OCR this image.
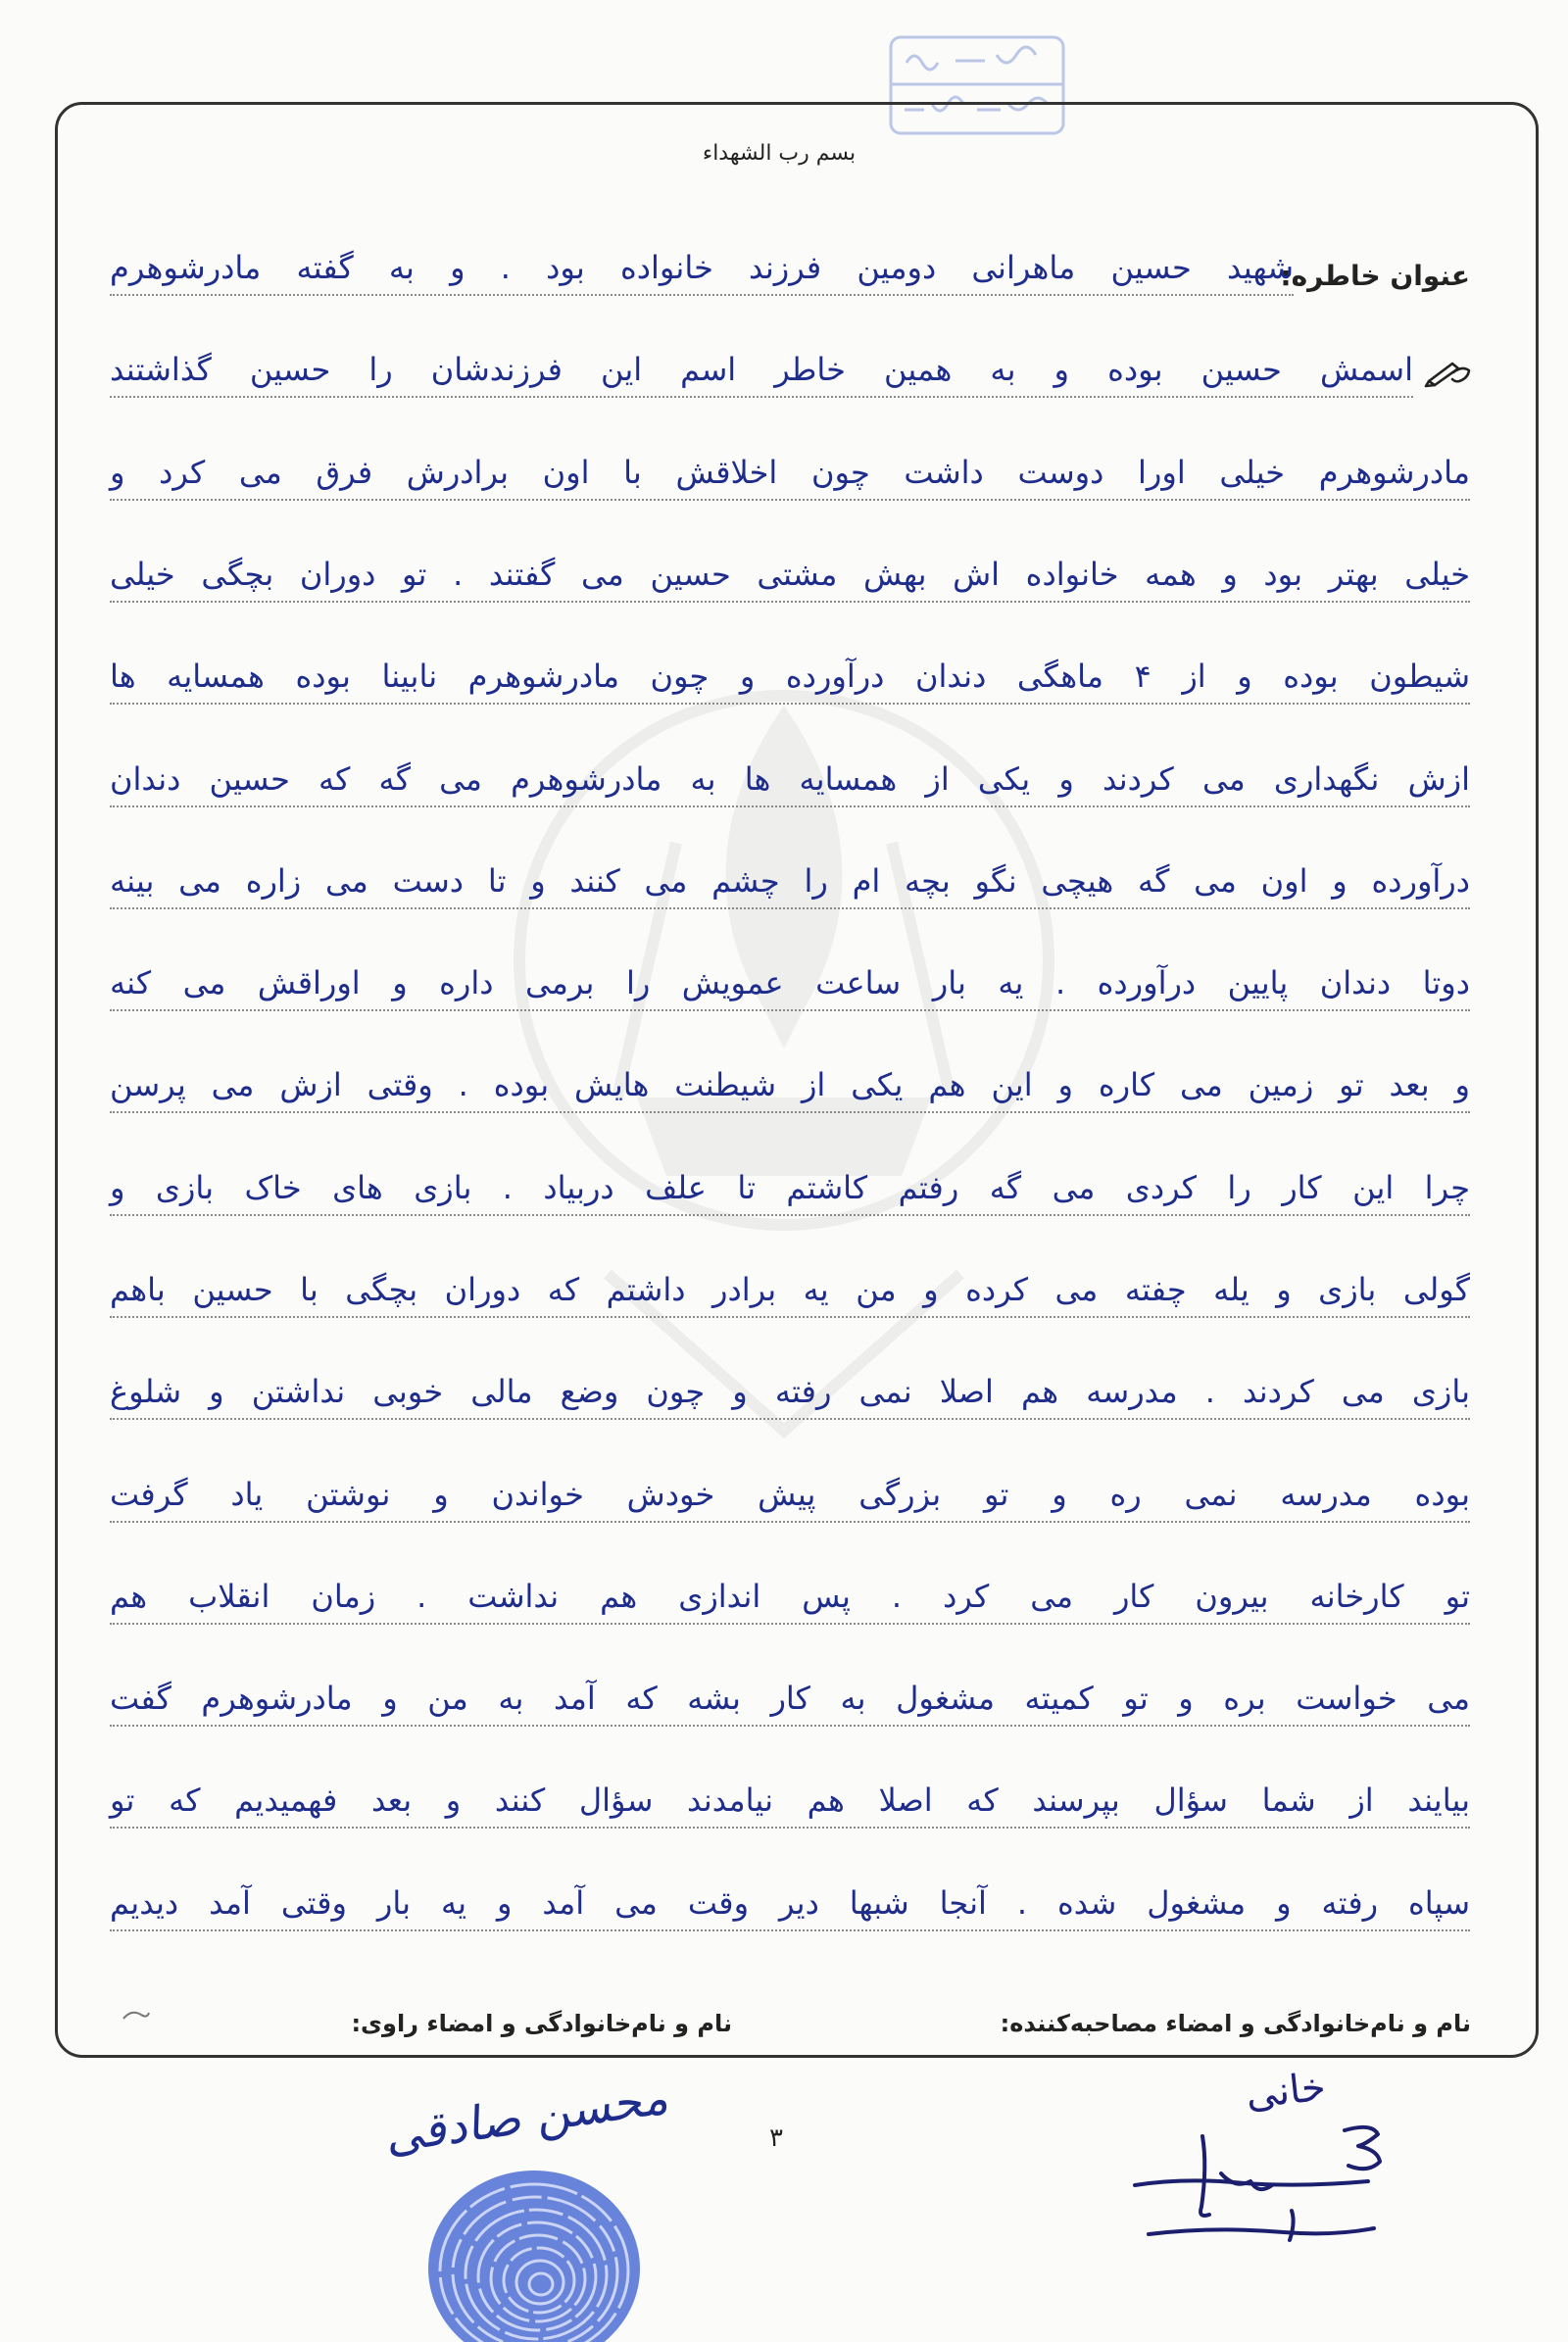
بسم رب الشهداء
عنوان خاطره:
شهید حسین ماهرانی دومین فرزند خانواده بود . و به گفته مادرشوهرم
اسمش حسین بوده و به همین خاطر اسم این فرزندشان را حسین گذاشتند
مادرشوهرم خیلی اورا دوست داشت چون اخلاقش با اون برادرش فرق می کرد و
خیلی بهتر بود و همه خانواده اش بهش مشتی حسین می گفتند . تو دوران بچگی خیلی
شیطون بوده و از ۴ ماهگی دندان درآورده و چون مادرشوهرم نابینا بوده همسایه ها
ازش نگهداری می کردند و یکی از همسایه ها به مادرشوهرم می گه که حسین دندان
درآورده و اون می گه هیچی نگو بچه ام را چشم می کنند و تا دست می زاره می بینه
دوتا دندان پایین درآورده . یه بار ساعت عمویش را برمی داره و اوراقش می کنه
و بعد تو زمین می کاره و این هم یکی از شیطنت هایش بوده . وقتی ازش می پرسن
چرا این کار را کردی می گه رفتم کاشتم تا علف دربیاد . بازی های خاک بازی و
گولی بازی و یله چفته می کرده و من یه برادر داشتم که دوران بچگی با حسین باهم
بازی می کردند . مدرسه هم اصلا نمی رفته و چون وضع مالی خوبی نداشتن و شلوغ
بوده مدرسه نمی ره و تو بزرگی پیش خودش خواندن و نوشتن یاد گرفت
تو کارخانه بیرون کار می کرد . پس اندازی هم نداشت . زمان انقلاب هم
می خواست بره و تو کمیته مشغول به کار بشه که آمد به من و مادرشوهرم گفت
بیایند از شما سؤال بپرسند که اصلا هم نیامدند سؤال کنند و بعد فهمیدیم که تو
سپاه رفته و مشغول شده . آنجا شبها دیر وقت می آمد و یه بار وقتی آمد دیدیم
نام و نام‌خانوادگی و امضاء مصاحبه‌کننده:
نام و نام‌خانوادگی و امضاء راوی:
محسن صادقی	۳
خانی
